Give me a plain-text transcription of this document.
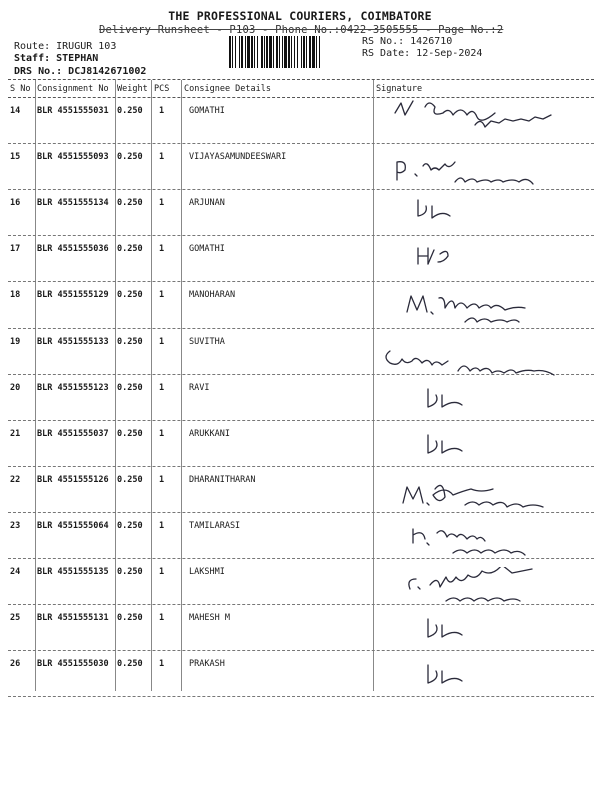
THE PROFESSIONAL COURIERS, COIMBATORE
Delivery Runsheet - P103 - Phone No.:0422-3505555 - Page No.:2
Route: IRUGUR 103
Staff: STEPHAN
DRS No.: DCJ8142671002
RS No.: 1426710
RS Date: 12-Sep-2024
S No Consignment No Weight PCS Consignee Details	Signature
14 BLR 4551555031 0.250 1	GOMATHI
15 BLR 4551555093 0.250 1	VIJAYASAMUNDEESWARI
16 BLR 4551555134 0.250 1	ARJUNAN
17 BLR 4551555036 0.250 1	GOMATHI
18 BLR 4551555129 0.250 1	MANOHARAN
19 BLR 4551555133 0.250 1	SUVITHA
20 BLR 4551555123 0.250 1	RAVI
21 BLR 4551555037 0.250 1	ARUKKANI
22 BLR 4551555126 0.250 1	DHARANITHARAN
23 BLR 4551555064 0.250 1	TAMILARASI
24 BLR 4551555135 0.250 1	LAKSHMI
25 BLR 4551555131 0.250 1	MAHESH M
26 BLR 4551555030 0.250 1	PRAKASH
